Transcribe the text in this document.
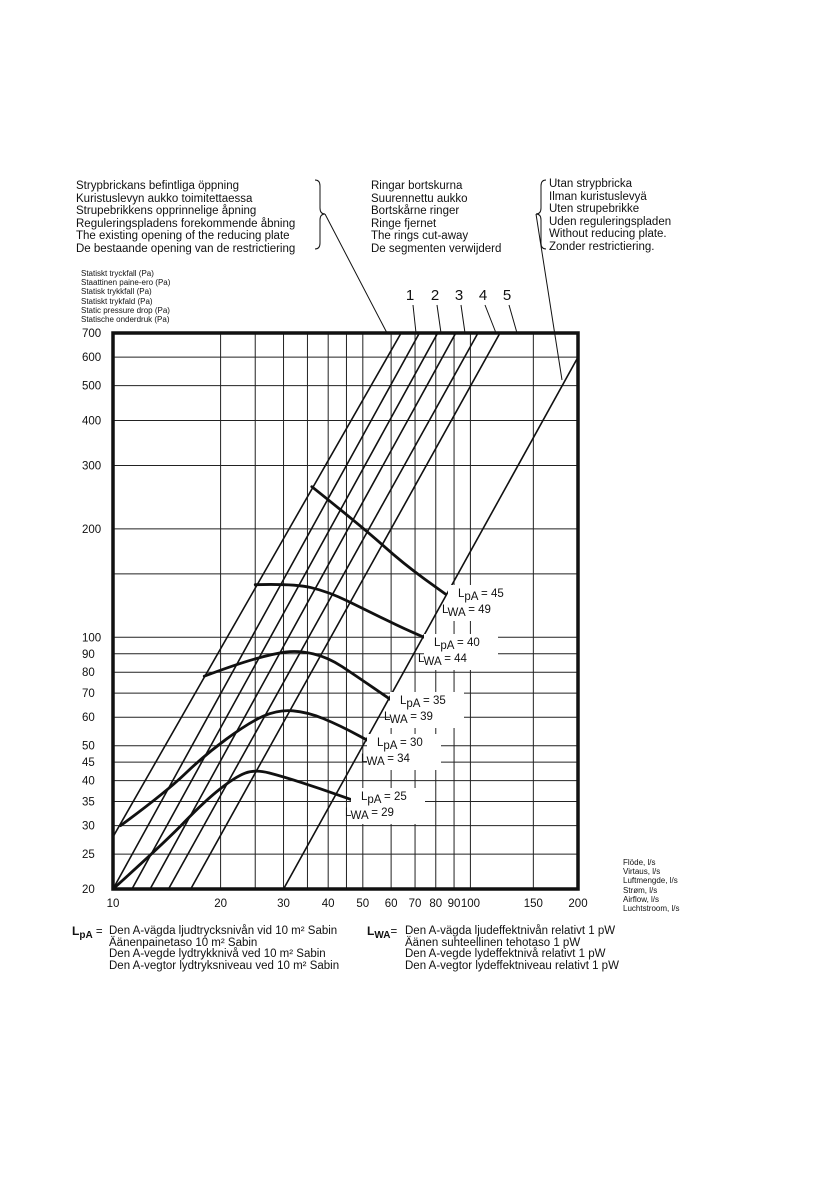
Strypbrickans befintliga öppning
Kuristuslevyn aukko toimitettaessa
Strupebrikkens opprinnelige åpning
Reguleringspladens forekommende åbning
The existing opening of the reducing plate
De bestaande opening van de restrictiering
Ringar bortskurna
Suurennettu aukko
Bortskårne ringer
Ringe fjernet
The rings cut-away
De segmenten verwijderd
Utan strypbricka
Ilman kuristuslevyä
Uten strupebrikke
Uden reguleringspladen
Without reducing plate.
Zonder restrictiering.
Statiskt tryckfall (Pa)
Staattinen paine-ero (Pa)
Statisk trykkfall (Pa)
Statiskt trykfald (Pa)
Static pressure drop (Pa)
Statische onderdruk (Pa)
Flöde, l/s
Virtaus, l/s
Luftmengde, l/s
Strøm, l/s
Airflow, l/s
Luchtstroom, l/s
10	20	30	40 50 60 70 80 90 100	150 200
20
25
30
35
40
45
50
60
70
80
90
100
200
300
400
500
600
700
LpA = 25
LWA = 29
LpA = 30
LWA = 34
LpA = 35
LWA = 39
LpA = 40
LWA = 44
LpA = 45
LWA = 49
1 2 3 4 5
$L_{pA}$ = Den A-vägda ljudtrycksnivån vid 10 m² Sabin
Äänenpainetaso 10 m² Sabin
Den A-vegde lydtrykknivå ved 10 m² Sabin
Den A-vegtor lydtryksniveau ved 10 m² Sabin
$L_{WA}=$ Den A-vägda ljudeffektnivån relativt 1 pW
Äänen suhteellinen tehotaso 1 pW
Den A-vegde lydeffektnivå relativt 1 pW
Den A-vegtor lydeffektniveau relativt 1 pW
